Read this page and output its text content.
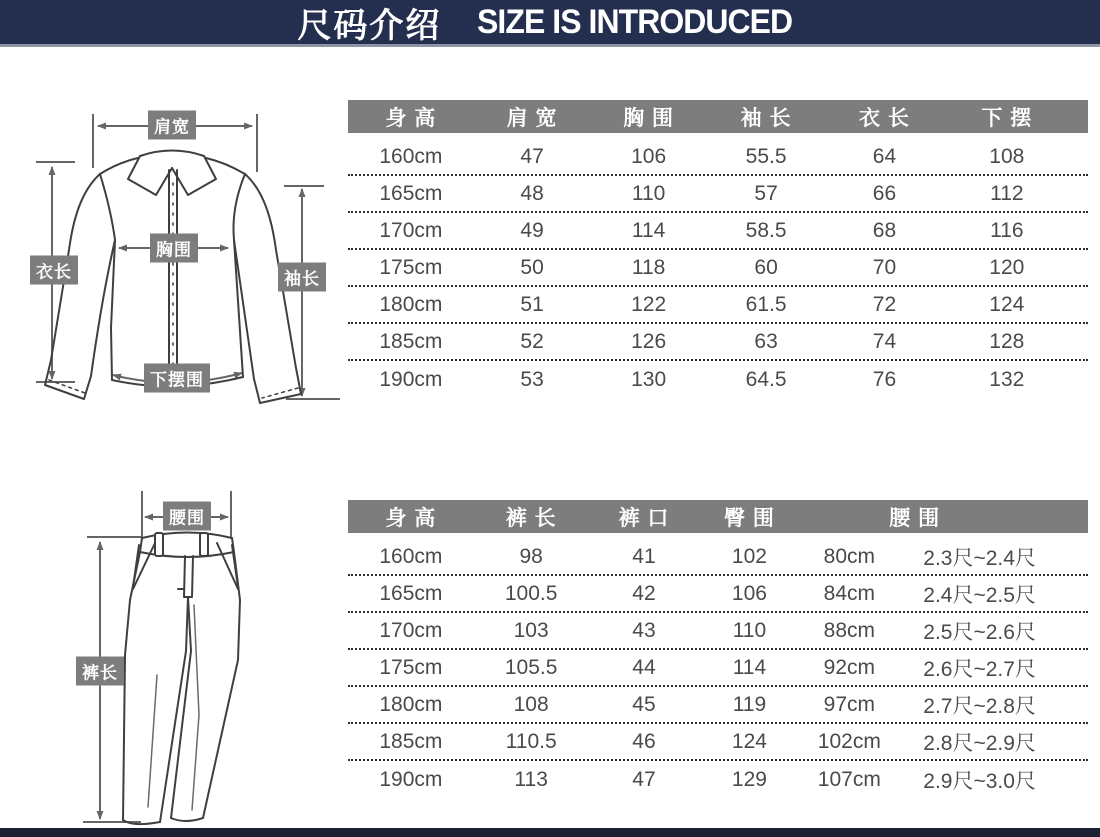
尺码介绍 SIZE IS INTRODUCED
肩宽
胸围
衣长	袖长
下摆围
腰围
裤长
身 高	肩 宽	胸 围	袖 长	衣 长	下 摆
160cm	47	106	55.5	64	108
165cm	48	110	57	66	112
170cm	49	114	58.5	68	116
175cm	50	118	60	70	120
180cm	51	122	61.5	72	124
185cm	52	126	63	74	128
190cm	53	130	64.5	76	132
身 高	裤 长	裤 口	臀 围	腰 围
160cm	98	41	102	80cm	2.3尺~2.4尺
165cm	100.5	42	106	84cm	2.4尺~2.5尺
170cm	103	43	110	88cm	2.5尺~2.6尺
175cm	105.5	44	114	92cm	2.6尺~2.7尺
180cm	108	45	119	97cm	2.7尺~2.8尺
185cm	110.5	46	124	102cm	2.8尺~2.9尺
190cm	113	47	129	107cm	2.9尺~3.0尺
